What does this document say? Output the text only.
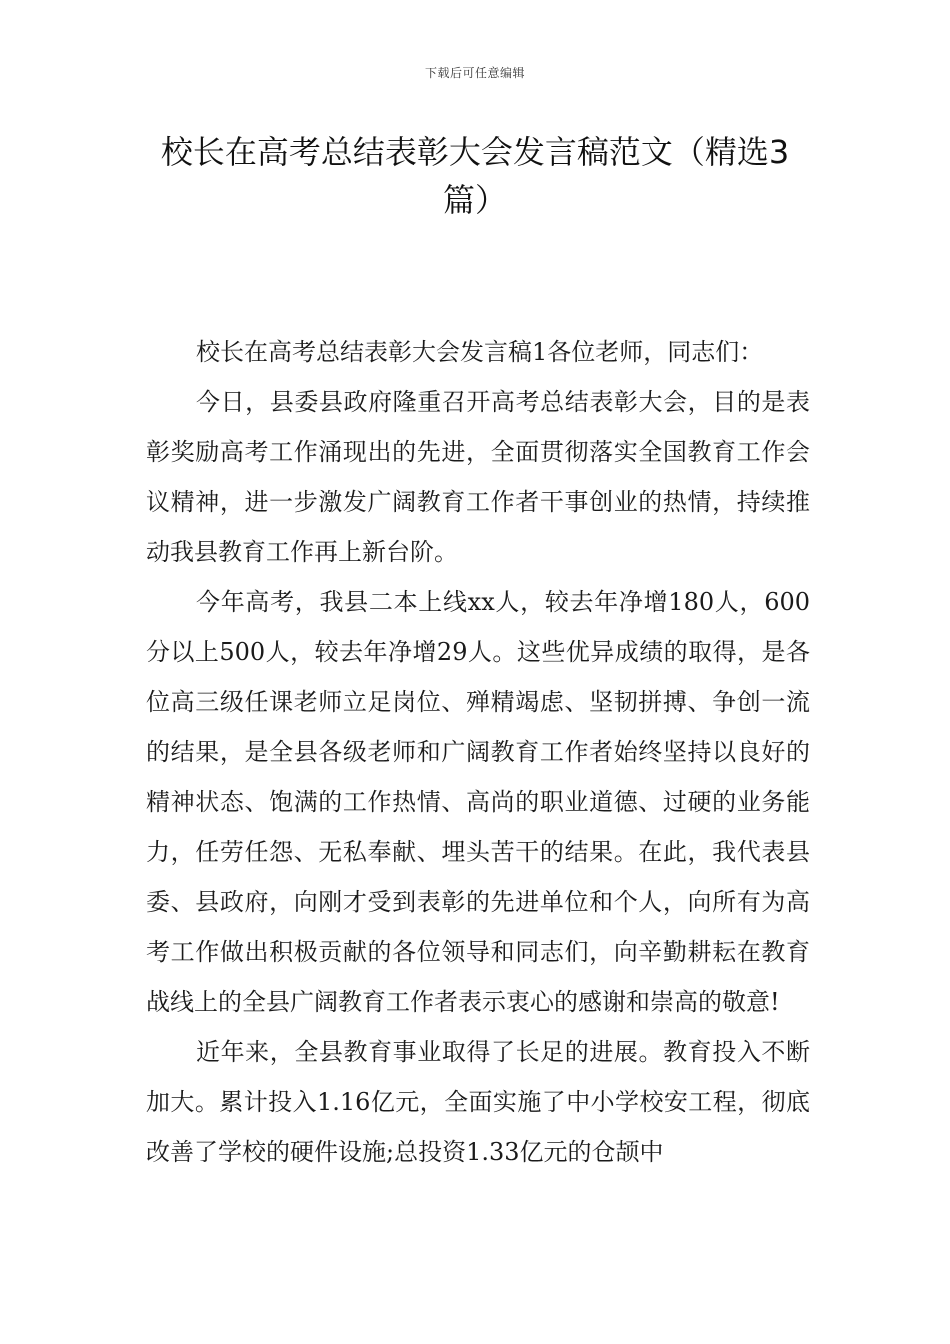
下载后可任意编辑
校长在高考总结表彰大会发言稿范文（精选3篇）

校长在高考总结表彰大会发言稿1各位老师，同志们：

今日，县委县政府隆重召开高考总结表彰大会，目的是表彰奖励高考工作涌现出的先进，全面贯彻落实全国教育工作会议精神，进一步激发广阔教育工作者干事创业的热情，持续推动我县教育工作再上新台阶。

今年高考，我县二本上线xx人，较去年净增180人，600分以上500人，较去年净增29人。这些优异成绩的取得，是各位高三级任课老师立足岗位、殚精竭虑、坚韧拼搏、争创一流的结果，是全县各级老师和广阔教育工作者始终坚持以良好的精神状态、饱满的工作热情、高尚的职业道德、过硬的业务能力，任劳任怨、无私奉献、埋头苦干的结果。在此，我代表县委、县政府，向刚才受到表彰的先进单位和个人，向所有为高考工作做出积极贡献的各位领导和同志们，向辛勤耕耘在教育战线上的全县广阔教育工作者表示衷心的感谢和崇高的敬意!

近年来，全县教育事业取得了长足的进展。教育投入不断加大。累计投入1.16亿元，全面实施了中小学校安工程，彻底改善了学校的硬件设施;总投资1.33亿元的仓颉中
